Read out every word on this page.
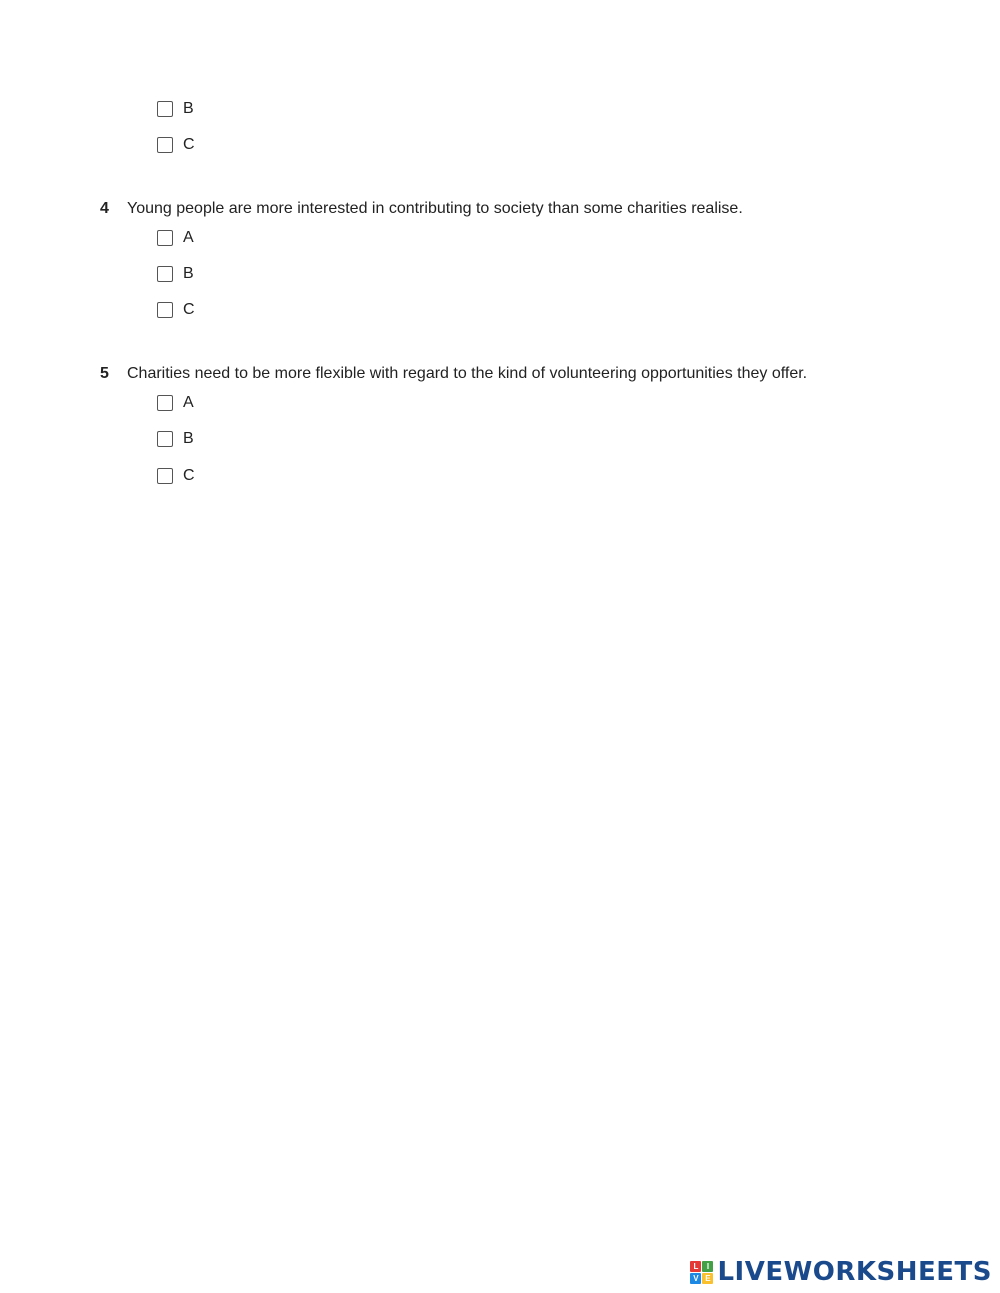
B
C
4	Young people are more interested in contributing to society than some charities realise.
A
B
C
5	Charities need to be more flexible with regard to the kind of volunteering opportunities they offer.
A
B
C
L	I
V E LIVEWORKSHEETS
